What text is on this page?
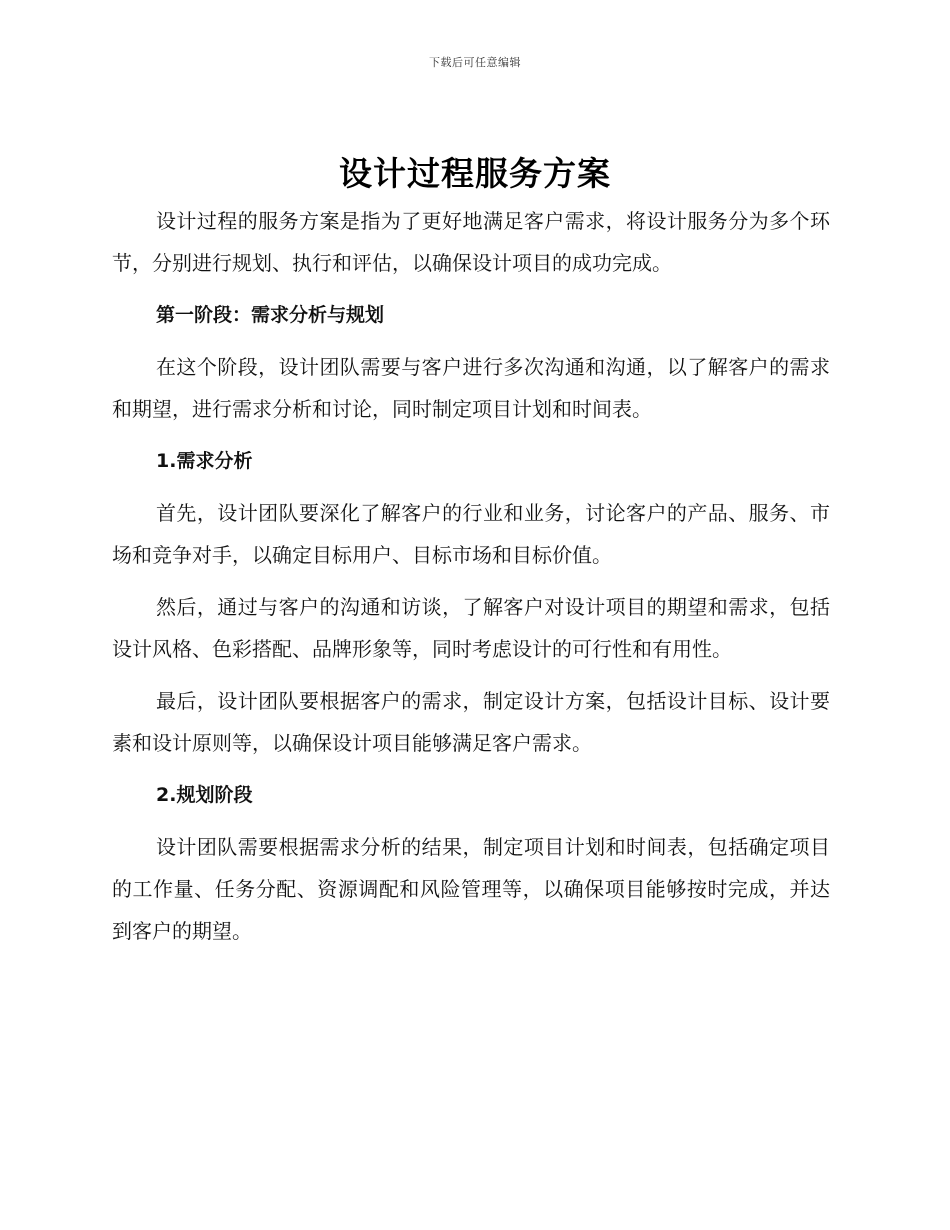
下载后可任意编辑
设计过程服务方案

设计过程的服务方案是指为了更好地满足客户需求，将设计服务分为多个环节，分别进行规划、执行和评估，以确保设计项目的成功完成。

第一阶段：需求分析与规划

在这个阶段，设计团队需要与客户进行多次沟通和沟通，以了解客户的需求和期望，进行需求分析和讨论，同时制定项目计划和时间表。

1.需求分析

首先，设计团队要深化了解客户的行业和业务，讨论客户的产品、服务、市场和竞争对手，以确定目标用户、目标市场和目标价值。

然后，通过与客户的沟通和访谈，了解客户对设计项目的期望和需求，包括设计风格、色彩搭配、品牌形象等，同时考虑设计的可行性和有用性。

最后，设计团队要根据客户的需求，制定设计方案，包括设计目标、设计要素和设计原则等，以确保设计项目能够满足客户需求。

2.规划阶段

设计团队需要根据需求分析的结果，制定项目计划和时间表，包括确定项目的工作量、任务分配、资源调配和风险管理等，以确保项目能够按时完成，并达到客户的期望。
